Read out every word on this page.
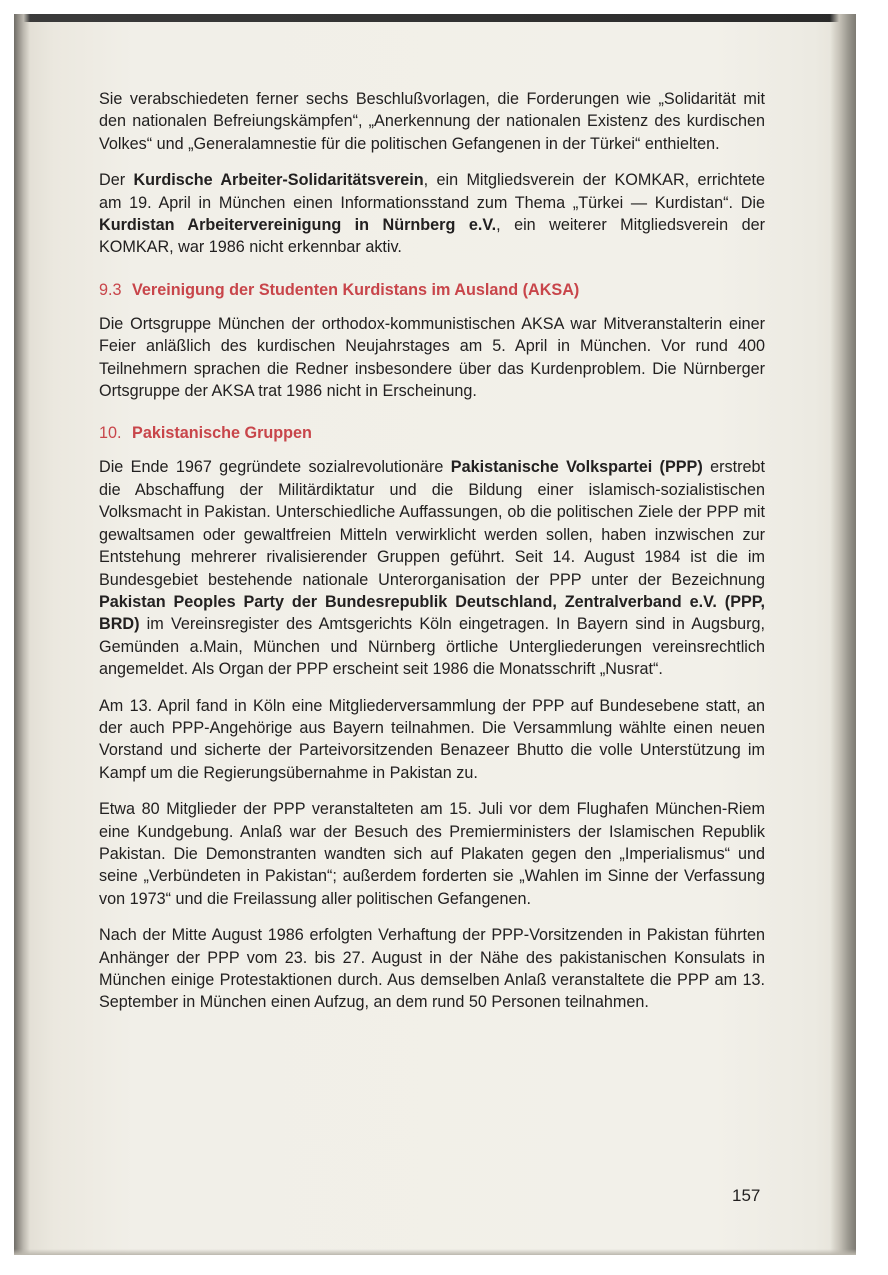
Sie verabschiedeten ferner sechs Beschlußvorlagen, die Forderungen wie „Solidarität mit den nationalen Befreiungskämpfen“, „Anerkennung der nationalen Existenz des kurdischen Volkes“ und „Generalamnestie für die politischen Gefangenen in der Türkei“ enthielten.

Der Kurdische Arbeiter-Solidaritätsverein, ein Mitgliedsverein der KOMKAR, errichtete am 19. April in München einen Informationsstand zum Thema „Türkei — Kurdistan“. Die Kurdistan Arbeitervereinigung in Nürnberg e.V., ein weiterer Mitgliedsverein der KOMKAR, war 1986 nicht erkennbar aktiv.

9.3 Vereinigung der Studenten Kurdistans im Ausland (AKSA)

Die Ortsgruppe München der orthodox-kommunistischen AKSA war Mitveranstalterin einer Feier anläßlich des kurdischen Neujahrstages am 5. April in München. Vor rund 400 Teilnehmern sprachen die Redner insbesondere über das Kurdenproblem. Die Nürnberger Ortsgruppe der AKSA trat 1986 nicht in Erscheinung.

10. Pakistanische Gruppen

Die Ende 1967 gegründete sozialrevolutionäre Pakistanische Volkspartei (PPP) erstrebt die Abschaffung der Militärdiktatur und die Bildung einer islamisch-sozialistischen Volksmacht in Pakistan. Unterschiedliche Auffassungen, ob die politischen Ziele der PPP mit gewaltsamen oder gewaltfreien Mitteln verwirklicht werden sollen, haben inzwischen zur Entstehung mehrerer rivalisierender Gruppen geführt. Seit 14. August 1984 ist die im Bundesgebiet bestehende nationale Unterorganisation der PPP unter der Bezeichnung Pakistan Peoples Party der Bundesrepublik Deutschland, Zentralverband e.V. (PPP, BRD) im Vereinsregister des Amtsgerichts Köln eingetragen. In Bayern sind in Augsburg, Gemünden a.Main, München und Nürnberg örtliche Untergliederungen vereinsrechtlich angemeldet. Als Organ der PPP erscheint seit 1986 die Monatsschrift „Nusrat“.

Am 13. April fand in Köln eine Mitgliederversammlung der PPP auf Bundesebene statt, an der auch PPP-Angehörige aus Bayern teilnahmen. Die Versammlung wählte einen neuen Vorstand und sicherte der Parteivorsitzenden Benazeer Bhutto die volle Unterstützung im Kampf um die Regierungsübernahme in Pakistan zu.

Etwa 80 Mitglieder der PPP veranstalteten am 15. Juli vor dem Flughafen München-Riem eine Kundgebung. Anlaß war der Besuch des Premierministers der Islamischen Republik Pakistan. Die Demonstranten wandten sich auf Plakaten gegen den „Imperialismus“ und seine „Verbündeten in Pakistan“; außerdem forderten sie „Wahlen im Sinne der Verfassung von 1973“ und die Freilassung aller politischen Gefangenen.

Nach der Mitte August 1986 erfolgten Verhaftung der PPP-Vorsitzenden in Pakistan führten Anhänger der PPP vom 23. bis 27. August in der Nähe des pakistanischen Konsulats in München einige Protestaktionen durch. Aus demselben Anlaß veranstaltete die PPP am 13. September in München einen Aufzug, an dem rund 50 Personen teilnahmen.

157
